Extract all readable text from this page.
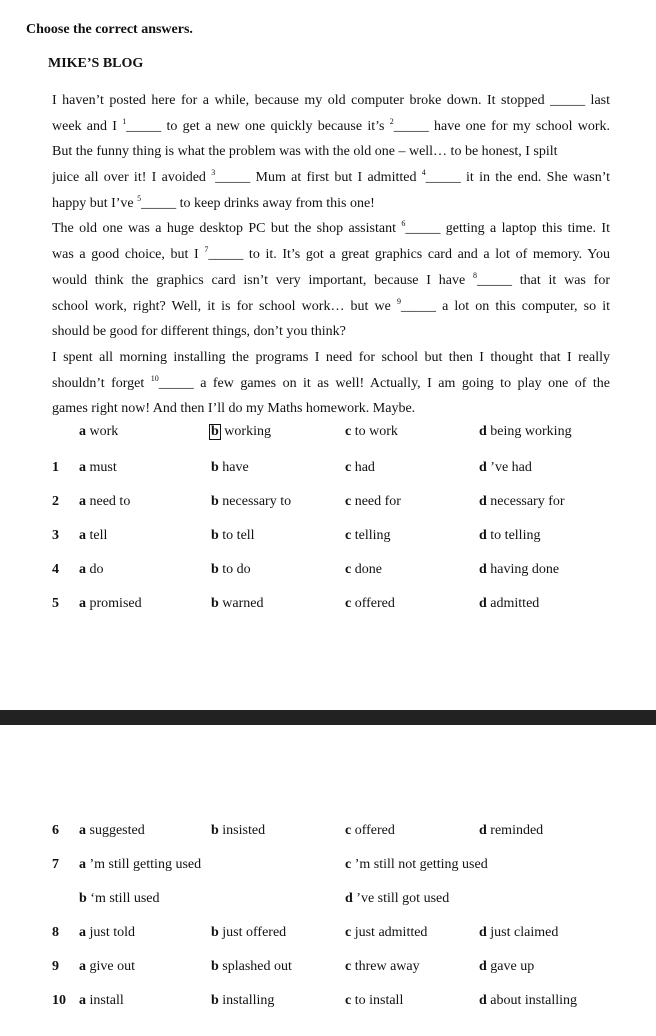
Choose the correct answers.
MIKE’S BLOG
I haven’t posted here for a while, because my old computer broke down. It stopped _____ last
week and I $^1$_____ to get a new one quickly because it’s $^2$_____ have one for my school work.
But the funny thing is what the problem was with the old one – well… to be honest, I spilt
juice all over it! I avoided $^3$_____ Mum at first but I admitted $^4$_____ it in the end. She wasn’t
happy but I’ve $^5$_____ to keep drinks away from this one!
The old one was a huge desktop PC but the shop assistant $^6$_____ getting a laptop this time. It
was a good choice, but I $^7$_____ to it. It’s got a great graphics card and a lot of memory. You
would think the graphics card isn’t very important, because I have $^8$_____ that it was for
school work, right? Well, it is for school work… but we $^9$_____ a lot on this computer, so it
should be good for different things, don’t you think?
I spent all morning installing the programs I need for school but then I thought that I really
shouldn’t forget $^{10}$_____ a few games on it as well! Actually, I am going to play one of the
games right now! And then I’ll do my Maths homework. Maybe.
a work	b working	c to work	d being working
1 a must	b have	c had	d ’ve had
2 a need to	b necessary to	c need for	d necessary for
3 a tell	b to tell	c telling	d to telling
4 a do	b to do	c done	d having done
5 a promised	b warned	c offered	d admitted
6 a suggested	b insisted	c offered	d reminded
7 a ’m still getting used	c ’m still not getting used
b ‘m still used	d ’ve still got used
8 a just told	b just offered	c just admitted	d just claimed
9 a give out	b splashed out	c threw away	d gave up
10 a install	b installing	c to install	d about installing
